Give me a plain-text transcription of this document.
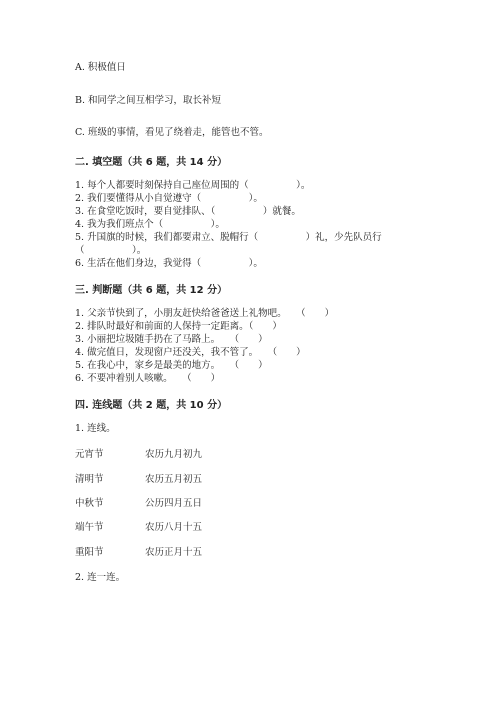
A. 积极值日
B. 和同学之间互相学习，取长补短
C. 班级的事情，看见了绕着走，能管也不管。
二. 填空题（共 6 题，共 14 分）
1. 每个人都要时刻保持自己座位周围的（　　　　　）。
2. 我们要懂得从小自觉遵守（　　　　　）。
3. 在食堂吃饭时，要自觉排队、（　　　　　）就餐。
4. 我为我们班点个（　　　　　）。
5. 升国旗的时候，我们都要肃立、脱帽行（　　　　　）礼，少先队员行
（　　　　　）。
6. 生活在他们身边，我觉得（　　　　　）。
三. 判断题（共 6 题，共 12 分）
1. 父亲节快到了，小朋友赶快给爸爸送上礼物吧。　　（　　）
2. 排队时最好和前面的人保持一定距离。（　　）
3. 小丽把垃圾随手扔在了马路上。　　（　　）
4. 做完值日，发现窗户还没关，我不管了。　　（　　）
5. 在我心中，家乡是最美的地方。　　（　　）
6. 不要冲着别人咳嗽。　　（　　）
四. 连线题（共 2 题，共 10 分）
1. 连线。
元宵节	农历九月初九
清明节	农历五月初五
中秋节	公历四月五日
端午节	农历八月十五
重阳节	农历正月十五
2. 连一连。
